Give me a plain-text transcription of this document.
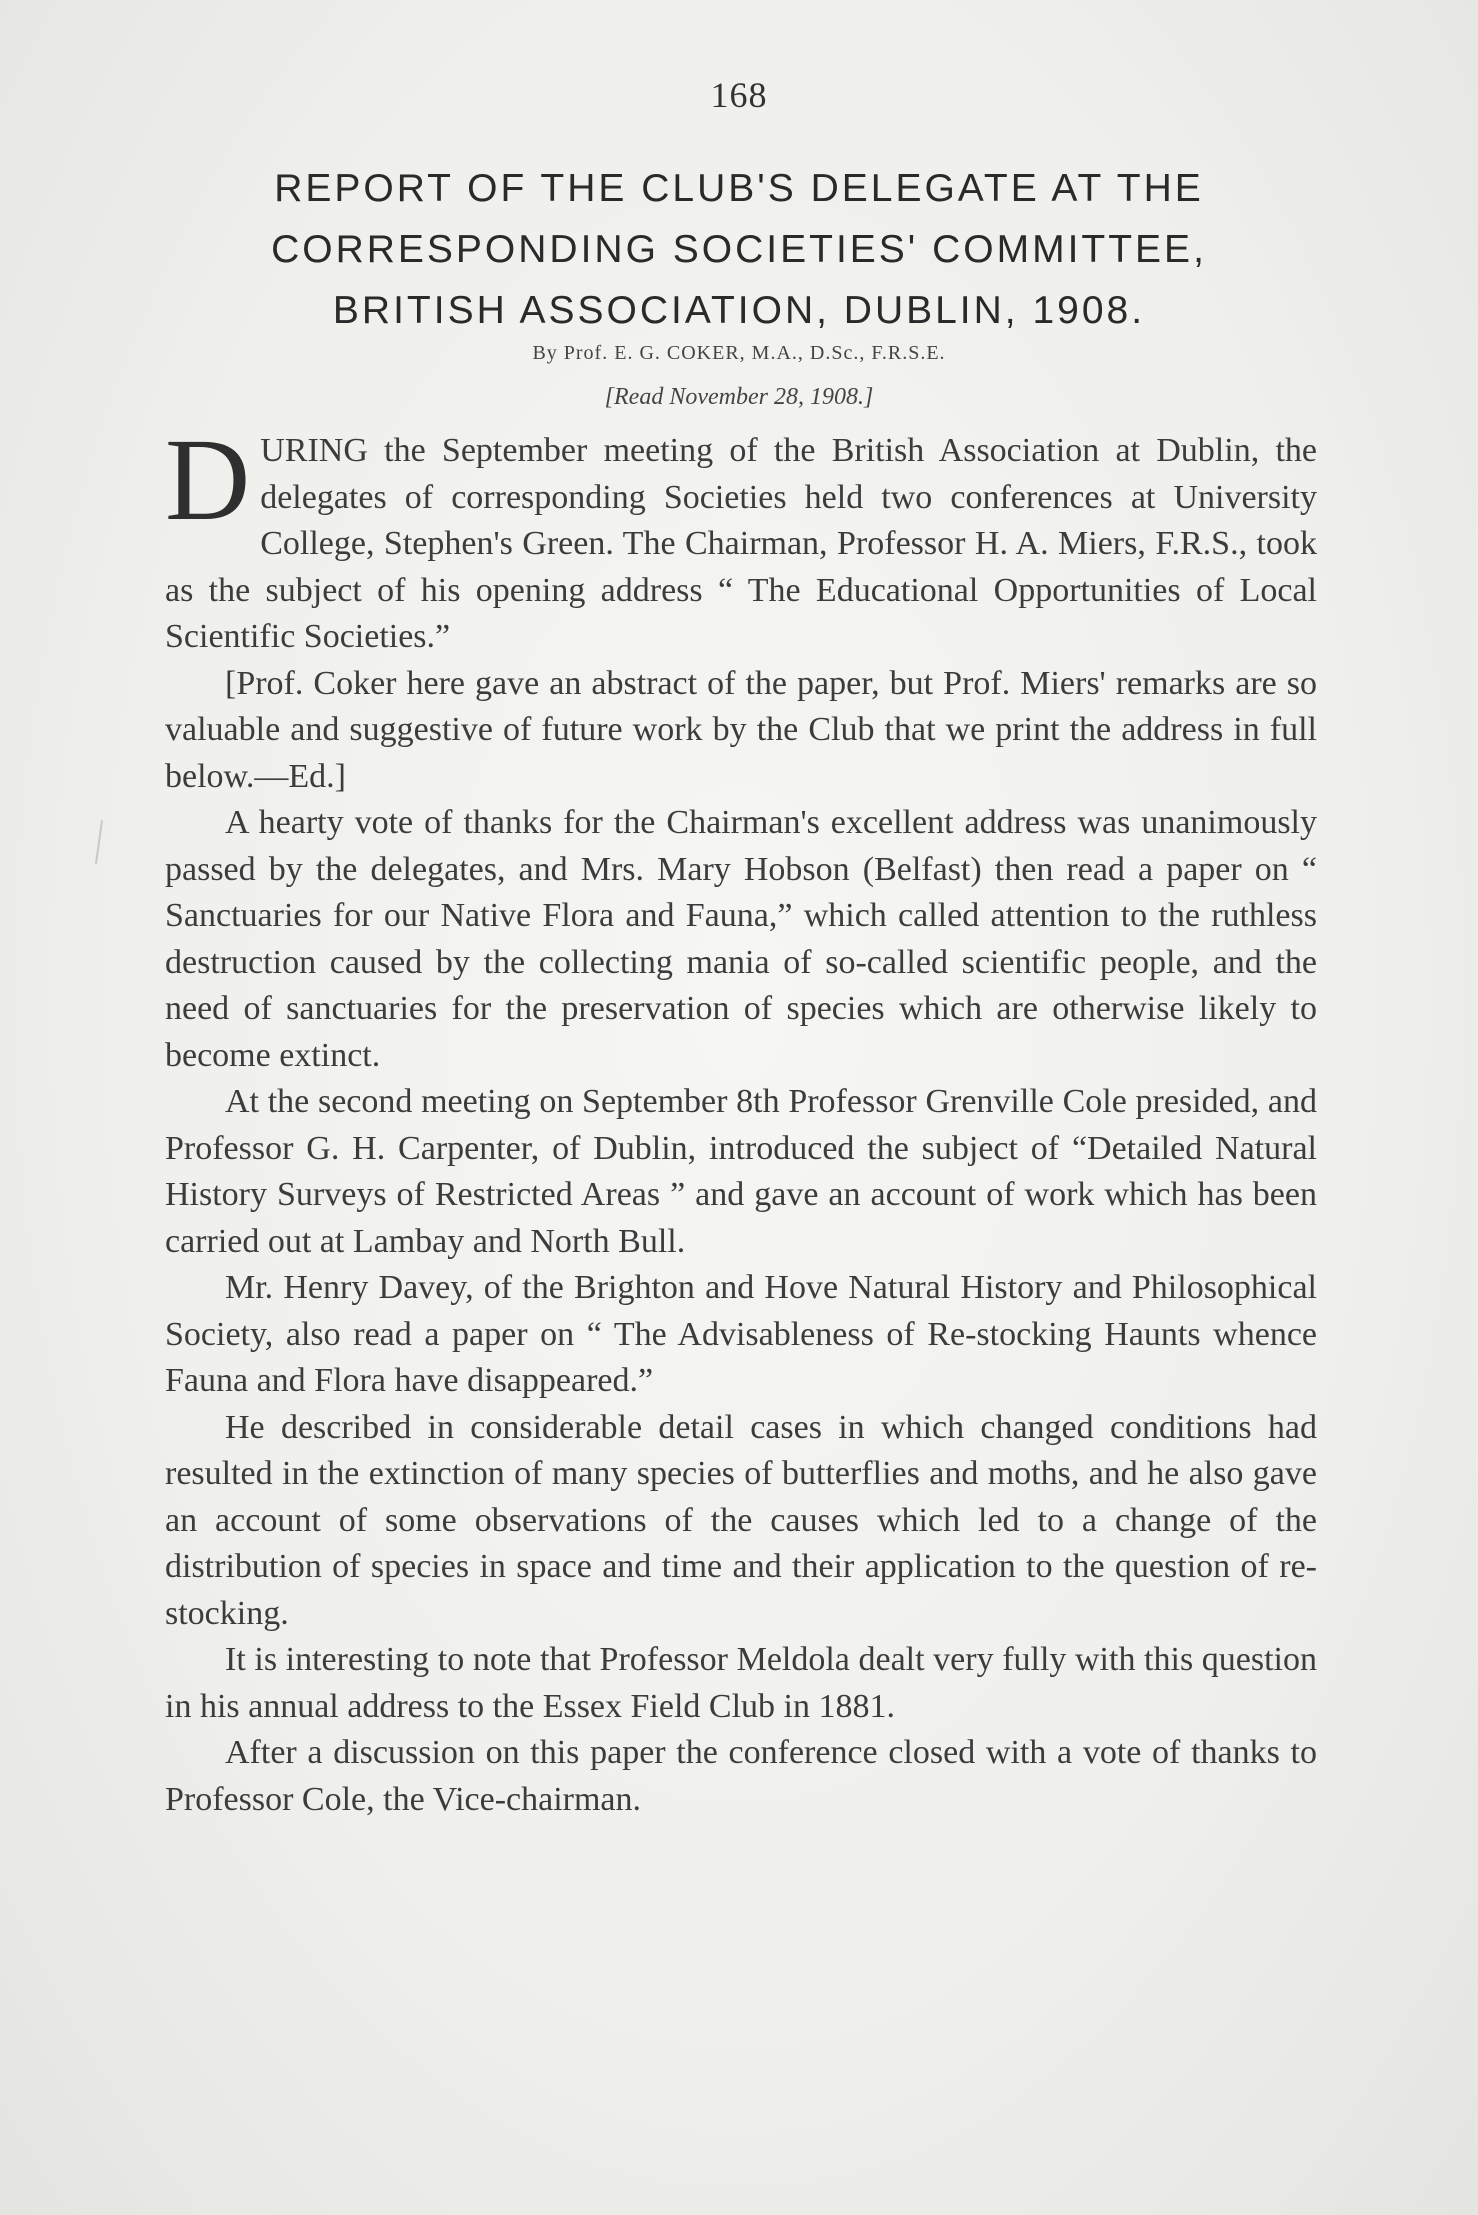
168
REPORT OF THE CLUB'S DELEGATE AT THE
CORRESPONDING SOCIETIES' COMMITTEE,
BRITISH ASSOCIATION, DUBLIN, 1908.
By Prof. E. G. COKER, M.A., D.Sc., F.R.S.E.
[Read November 28, 1908.]

DURING the September meeting of the British Association at Dublin, the delegates of corresponding Societies held two conferences at University College, Stephen's Green. The Chairman, Professor H. A. Miers, F.R.S., took as the subject of his opening address “ The Educational Opportunities of Local Scientific Societies.”

[Prof. Coker here gave an abstract of the paper, but Prof. Miers' remarks are so valuable and suggestive of future work by the Club that we print the address in full below.—Ed.]

A hearty vote of thanks for the Chairman's excellent address was unanimously passed by the delegates, and Mrs. Mary Hobson (Belfast) then read a paper on “ Sanctuaries for our Native Flora and Fauna,” which called attention to the ruthless destruction caused by the collecting mania of so-called scientific people, and the need of sanctuaries for the preservation of species which are otherwise likely to become extinct.

At the second meeting on September 8th Professor Grenville Cole presided, and Professor G. H. Carpenter, of Dublin, introduced the subject of “Detailed Natural History Surveys of Restricted Areas ” and gave an account of work which has been carried out at Lambay and North Bull.

Mr. Henry Davey, of the Brighton and Hove Natural History and Philosophical Society, also read a paper on “ The Advisableness of Re-stocking Haunts whence Fauna and Flora have disappeared.”

He described in considerable detail cases in which changed conditions had resulted in the extinction of many species of butterflies and moths, and he also gave an account of some observations of the causes which led to a change of the distribution of species in space and time and their application to the question of re-stocking.

It is interesting to note that Professor Meldola dealt very fully with this question in his annual address to the Essex Field Club in 1881.

After a discussion on this paper the conference closed with a vote of thanks to Professor Cole, the Vice-chairman.
